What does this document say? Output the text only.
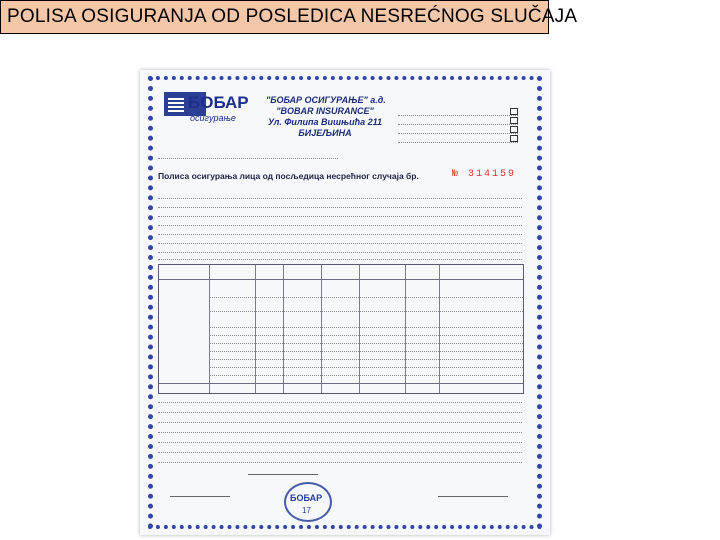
POLISA OSIGURANJA OD POSLEDICA NESREĆNOG SLUČAJA
БОБАР
осигурање
"БОБАР ОСИГУРАЊЕ" а.д.
"BOBAR INSURANCE"
Ул. Филипа Вишњића 211
БИЈЕЉИНА

Полиса осигурања лица од посљедица несрећног случаја бр.	№ 314159
БОБАР
17
